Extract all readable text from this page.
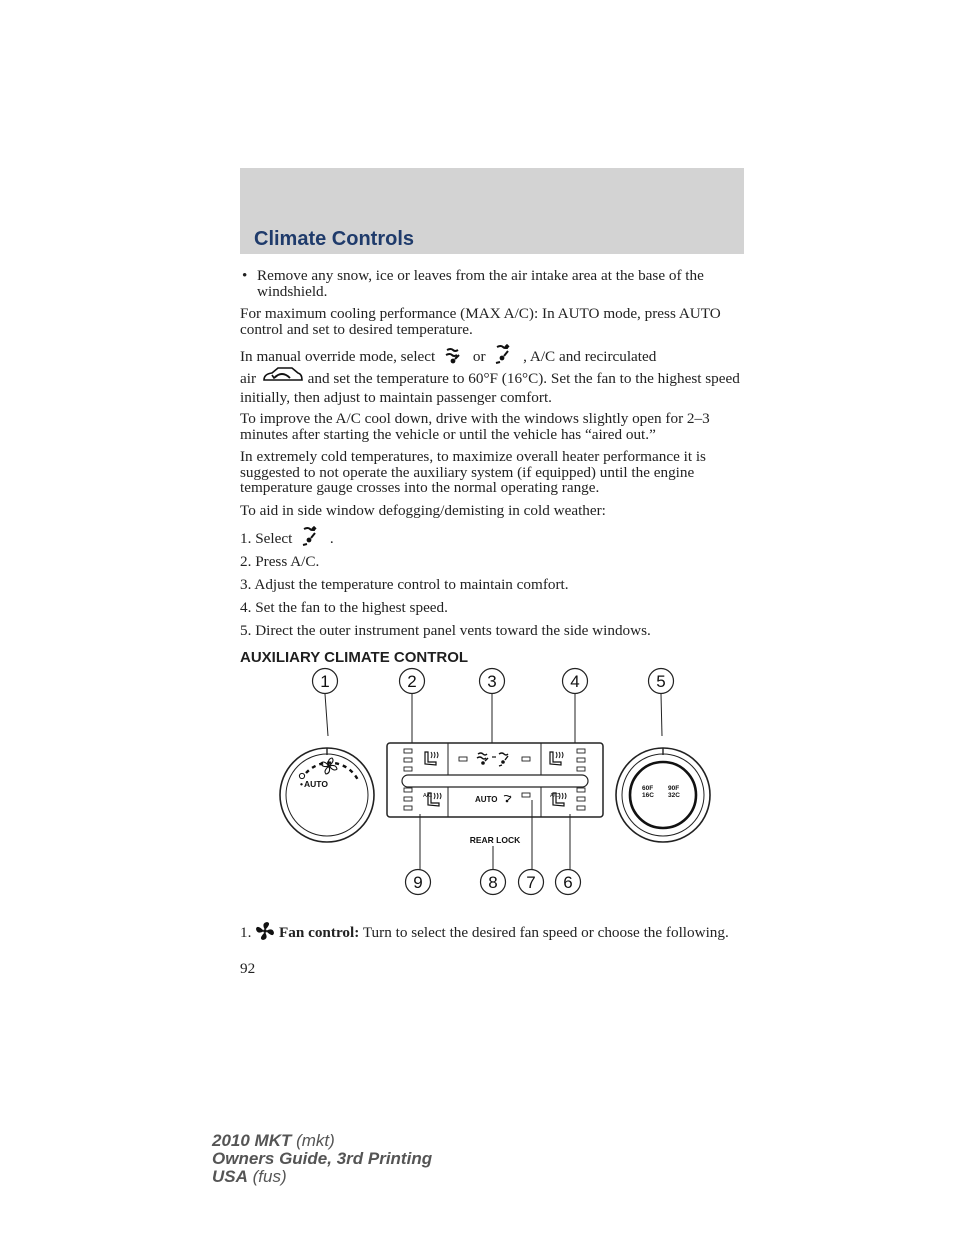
Climate Controls
• Remove any snow, ice or leaves from the air intake area at the base of the windshield.

For maximum cooling performance (MAX A/C): In AUTO mode, press AUTO control and set to desired temperature.

In manual override mode, select or , A/C and recirculated
air	and set the temperature to 60°F (16°C). Set the fan to the highest speed initially, then adjust to maintain passenger comfort.

To improve the A/C cool down, drive with the windows slightly open for 2–3 minutes after starting the vehicle or until the vehicle has “aired out.”

In extremely cold temperatures, to maximize overall heater performance it is suggested to not operate the auxiliary system (if equipped) until the engine temperature gauge crosses into the normal operating range.

To aid in side window defogging/demisting in cold weather:

1. Select .

2. Press A/C.

3. Adjust the temperature control to maintain comfort.

4. Set the fan to the highest speed.

5. Direct the outer instrument panel vents toward the side windows.

AUXILIARY CLIMATE CONTROL

1	2	3	4	5
• AUTO
A/C	AUTO	A/C
60F
16C
90F
32C
REAR LOCK
9	8 7 6
1. Fan control: Turn to select the desired fan speed or choose the following.
92
2010 MKT (mkt)
Owners Guide, 3rd Printing
USA (fus)
